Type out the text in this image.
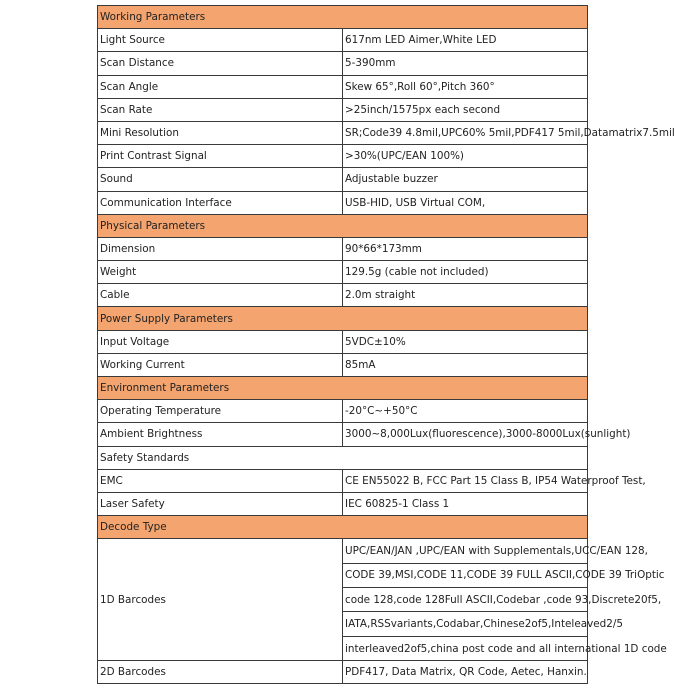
Working Parameters	
Light Source	617nm LED Aimer,White LED
Scan Distance	5-390mm
Scan Angle	Skew 65°,Roll 60°,Pitch 360°
Scan Rate	>25inch/1575px each second
Mini Resolution	SR;Code39 4.8mil,UPC60% 5mil,PDF417 5mil,Datamatrix7.5mil
Print Contrast Signal	>30%(UPC/EAN 100%)
Sound	Adjustable buzzer
Communication Interface	USB-HID, USB Virtual COM,
Physical Parameters	
Dimension	90*66*173mm
Weight	129.5g (cable not included)
Cable	2.0m straight
Power Supply Parameters	
Input Voltage	5VDC±10%
Working Current	85mA
Environment Parameters	
Operating Temperature	-20°C~+50°C
Ambient Brightness	3000~8,000Lux(fluorescence),3000-8000Lux(sunlight)
Safety Standards	
EMC	CE EN55022 B, FCC Part 15 Class B, IP54 Waterproof Test,
Laser Safety	IEC 60825-1 Class 1
Decode Type	
1D Barcodes	UPC/EAN/JAN ,UPC/EAN with Supplementals,UCC/EAN 128,
	CODE 39,MSI,CODE 11,CODE 39 FULL ASCII,CODE 39 TriOptic
	code 128,code 128Full ASCII,Codebar ,code 93,Discrete20f5,
	IATA,RSSvariants,Codabar,Chinese2of5,Inteleaved2/5
	interleaved2of5,china post code and all international 1D code
2D Barcodes	PDF417, Data Matrix, QR Code, Aetec, Hanxin.
